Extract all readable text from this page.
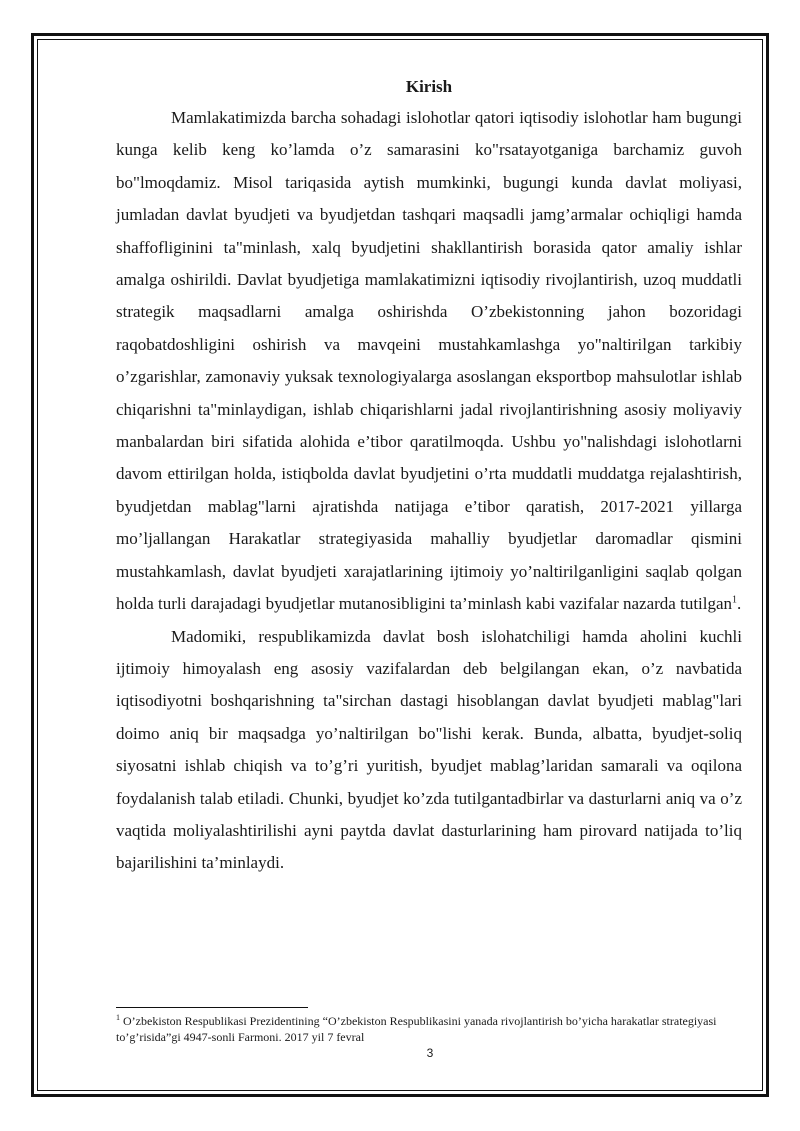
Kirish

Mamlakatimizda barcha sohadagi islohotlar qatori iqtisodiy islohotlar ham bugungi kunga kelib keng ko’lamda o’z samarasini ko"rsatayotganiga barchamiz guvoh bo"lmoqdamiz. Misol tariqasida aytish mumkinki, bugungi kunda davlat moliyasi, jumladan davlat byudjeti va byudjetdan tashqari maqsadli jamg’armalar ochiqligi hamda shaffofliginini ta"minlash, xalq byudjetini shakllantirish borasida qator amaliy ishlar amalga oshirildi. Davlat byudjetiga mamlakatimizni iqtisodiy rivojlantirish, uzoq muddatli strategik maqsadlarni amalga oshirishda O’zbekistonning jahon bozoridagi raqobatdoshligini oshirish va mavqeini mustahkamlashga yo"naltirilgan tarkibiy o’zgarishlar, zamonaviy yuksak texnologiyalarga asoslangan eksportbop mahsulotlar ishlab chiqarishni ta"minlaydigan, ishlab chiqarishlarni jadal rivojlantirishning asosiy moliyaviy manbalardan biri sifatida alohida e’tibor qaratilmoqda. Ushbu yo"nalishdagi islohotlarni davom ettirilgan holda, istiqbolda davlat byudjetini o’rta muddatli muddatga rejalashtirish, byudjetdan mablag"larni ajratishda natijaga e’tibor qaratish, 2017-2021 yillarga mo’ljallangan Harakatlar strategiyasida mahalliy byudjetlar daromadlar qismini mustahkamlash, davlat byudjeti xarajatlarining ijtimoiy yo’naltirilganligini saqlab qolgan holda turli darajadagi byudjetlar mutanosibligini ta’minlash kabi vazifalar nazarda tutilgan$^1$.

Madomiki, respublikamizda davlat bosh islohatchiligi hamda aholini kuchli ijtimoiy himoyalash eng asosiy vazifalardan deb belgilangan ekan, o’z navbatida iqtisodiyotni boshqarishning ta"sirchan dastagi hisoblangan davlat byudjeti mablag"lari doimo aniq bir maqsadga yo’naltirilgan bo"lishi kerak. Bunda, albatta, byudjet-soliq siyosatni ishlab chiqish va to’g’ri yuritish, byudjet mablag’laridan samarali va oqilona foydalanish talab etiladi. Chunki, byudjet ko’zda tutilgantadbirlar va dasturlarni aniq va o’z vaqtida moliyalashtirilishi ayni paytda davlat dasturlarining ham pirovard natijada to’liq bajarilishini ta’minlaydi.

$^1$ O’zbekiston Respublikasi Prezidentining “O’zbekiston Respublikasini yanada rivojlantirish bo’yicha harakatlar strategiyasi to’g’risida”gi 4947-sonli Farmoni. 2017 yil 7 fevral

3
